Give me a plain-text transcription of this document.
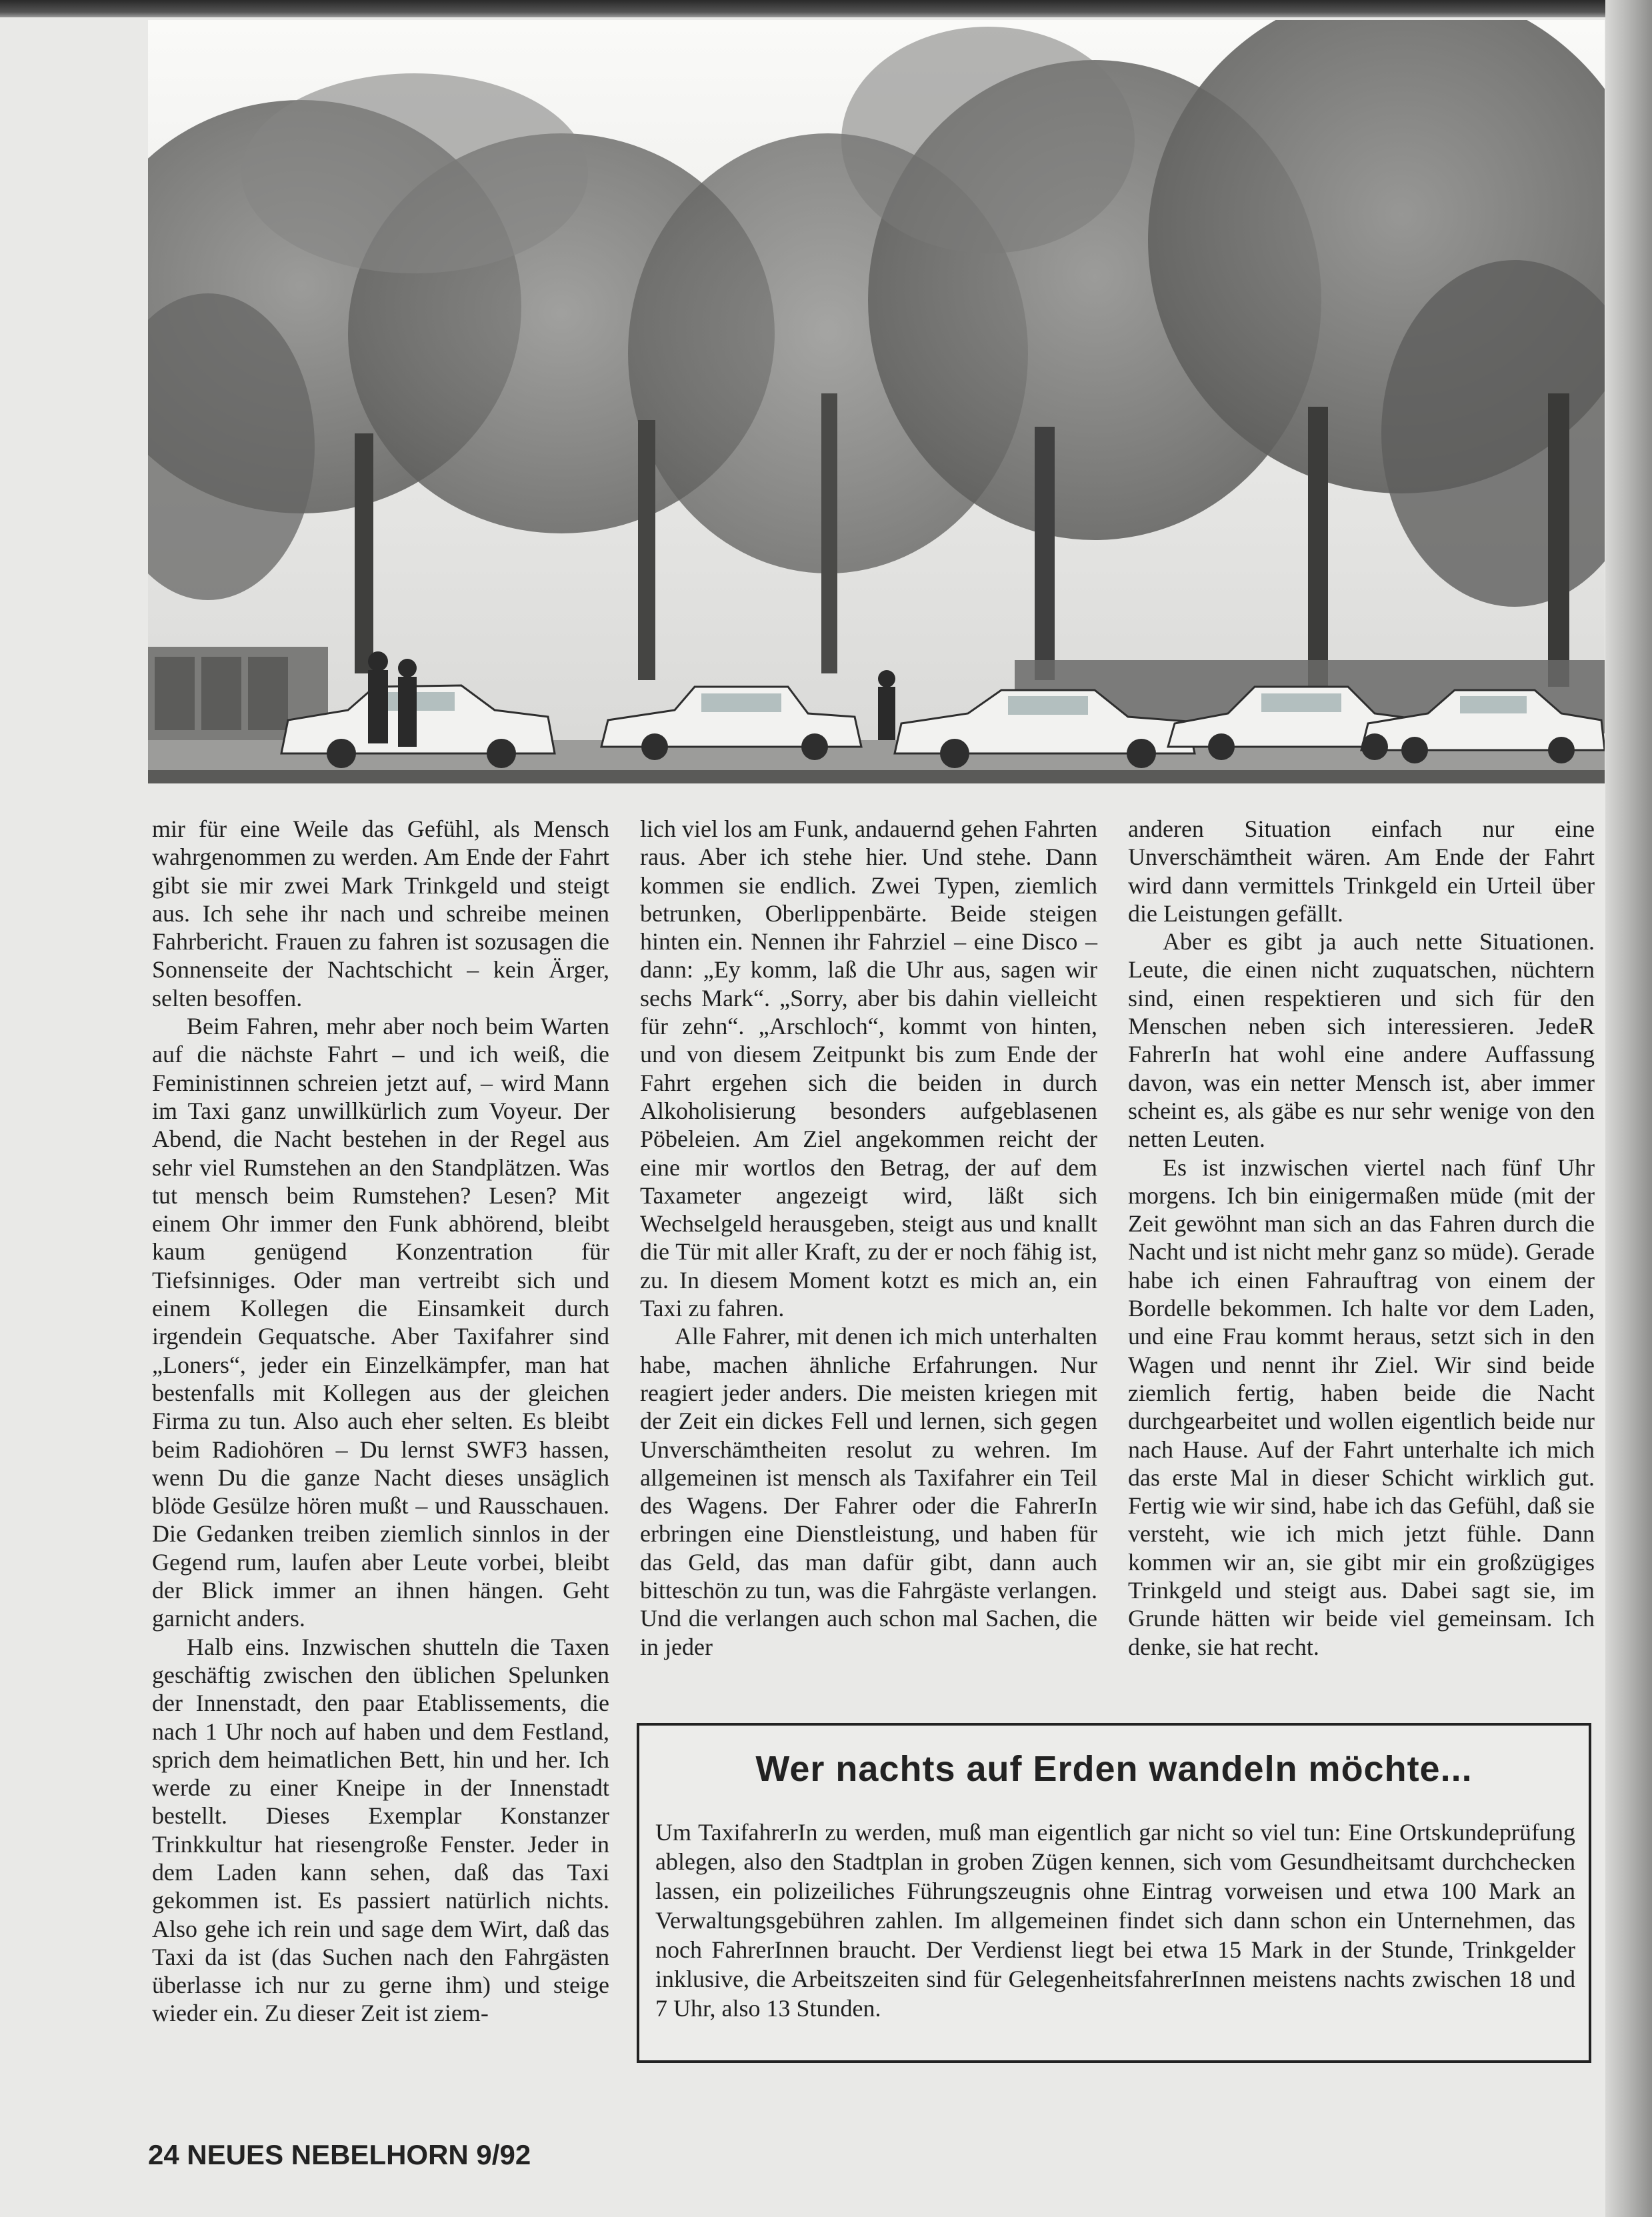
mir für eine Weile das Gefühl, als Mensch wahrgenommen zu werden. Am Ende der Fahrt gibt sie mir zwei Mark Trinkgeld und steigt aus. Ich sehe ihr nach und schreibe meinen Fahrbericht. Frauen zu fahren ist sozusagen die Sonnenseite der Nachtschicht – kein Ärger, selten besoffen.

Beim Fahren, mehr aber noch beim Warten auf die nächste Fahrt – und ich weiß, die Feministinnen schreien jetzt auf, – wird Mann im Taxi ganz unwillkürlich zum Voyeur. Der Abend, die Nacht bestehen in der Regel aus sehr viel Rumstehen an den Standplätzen. Was tut mensch beim Rumstehen? Lesen? Mit einem Ohr immer den Funk abhörend, bleibt kaum genügend Konzentration für Tiefsinniges. Oder man vertreibt sich und einem Kollegen die Einsamkeit durch irgendein Gequatsche. Aber Taxifahrer sind „Loners“, jeder ein Einzelkämpfer, man hat bestenfalls mit Kollegen aus der gleichen Firma zu tun. Also auch eher selten. Es bleibt beim Radiohören – Du lernst SWF3 hassen, wenn Du die ganze Nacht dieses unsäglich blöde Gesülze hören mußt – und Rausschauen. Die Gedanken treiben ziemlich sinnlos in der Gegend rum, laufen aber Leute vorbei, bleibt der Blick immer an ihnen hängen. Geht garnicht anders.

Halb eins. Inzwischen shutteln die Taxen geschäftig zwischen den üblichen Spelunken der Innenstadt, den paar Etablissements, die nach 1 Uhr noch auf haben und dem Festland, sprich dem heimatlichen Bett, hin und her. Ich werde zu einer Kneipe in der Innenstadt bestellt. Dieses Exemplar Konstanzer Trinkkultur hat riesengroße Fenster. Jeder in dem Laden kann sehen, daß das Taxi gekommen ist. Es passiert natürlich nichts. Also gehe ich rein und sage dem Wirt, daß das Taxi da ist (das Suchen nach den Fahrgästen überlasse ich nur zu gerne ihm) und steige wieder ein. Zu dieser Zeit ist ziem-

lich viel los am Funk, andauernd gehen Fahrten raus. Aber ich stehe hier. Und stehe. Dann kommen sie endlich. Zwei Typen, ziemlich betrunken, Oberlippenbärte. Beide steigen hinten ein. Nennen ihr Fahrziel – eine Disco – dann: „Ey komm, laß die Uhr aus, sagen wir sechs Mark“. „Sorry, aber bis dahin vielleicht für zehn“. „Arschloch“, kommt von hinten, und von diesem Zeitpunkt bis zum Ende der Fahrt ergehen sich die beiden in durch Alkoholisierung besonders aufgeblasenen Pöbeleien. Am Ziel angekommen reicht der eine mir wortlos den Betrag, der auf dem Taxameter angezeigt wird, läßt sich Wechselgeld herausgeben, steigt aus und knallt die Tür mit aller Kraft, zu der er noch fähig ist, zu. In diesem Moment kotzt es mich an, ein Taxi zu fahren.

Alle Fahrer, mit denen ich mich unterhalten habe, machen ähnliche Erfahrungen. Nur reagiert jeder anders. Die meisten kriegen mit der Zeit ein dickes Fell und lernen, sich gegen Unverschämtheiten resolut zu wehren. Im allgemeinen ist mensch als Taxifahrer ein Teil des Wagens. Der Fahrer oder die FahrerIn erbringen eine Dienstleistung, und haben für das Geld, das man dafür gibt, dann auch bitteschön zu tun, was die Fahrgäste verlangen. Und die verlangen auch schon mal Sachen, die in jeder

anderen Situation einfach nur eine Unverschämtheit wären. Am Ende der Fahrt wird dann vermittels Trinkgeld ein Urteil über die Leistungen gefällt.

Aber es gibt ja auch nette Situationen. Leute, die einen nicht zuquatschen, nüchtern sind, einen respektieren und sich für den Menschen neben sich interessieren. JedeR FahrerIn hat wohl eine andere Auffassung davon, was ein netter Mensch ist, aber immer scheint es, als gäbe es nur sehr wenige von den netten Leuten.

Es ist inzwischen viertel nach fünf Uhr morgens. Ich bin einigermaßen müde (mit der Zeit gewöhnt man sich an das Fahren durch die Nacht und ist nicht mehr ganz so müde). Gerade habe ich einen Fahrauftrag von einem der Bordelle bekommen. Ich halte vor dem Laden, und eine Frau kommt heraus, setzt sich in den Wagen und nennt ihr Ziel. Wir sind beide ziemlich fertig, haben beide die Nacht durchgearbeitet und wollen eigentlich beide nur nach Hause. Auf der Fahrt unterhalte ich mich das erste Mal in dieser Schicht wirklich gut. Fertig wie wir sind, habe ich das Gefühl, daß sie versteht, wie ich mich jetzt fühle. Dann kommen wir an, sie gibt mir ein großzügiges Trinkgeld und steigt aus. Dabei sagt sie, im Grunde hätten wir beide viel gemeinsam. Ich denke, sie hat recht.

Wer nachts auf Erden wandeln möchte...
Um TaxifahrerIn zu werden, muß man eigentlich gar nicht so viel tun: Eine Ortskundeprüfung ablegen, also den Stadtplan in groben Zügen kennen, sich vom Gesundheitsamt durchchecken lassen, ein polizeiliches Führungszeugnis ohne Eintrag vorweisen und etwa 100 Mark an Verwaltungsgebühren zahlen. Im allgemeinen findet sich dann schon ein Unternehmen, das noch FahrerInnen braucht. Der Verdienst liegt bei etwa 15 Mark in der Stunde, Trinkgelder inklusive, die Arbeitszeiten sind für GelegenheitsfahrerInnen meistens nachts zwischen 18 und 7 Uhr, also 13 Stunden.
24 NEUES NEBELHORN 9/92
